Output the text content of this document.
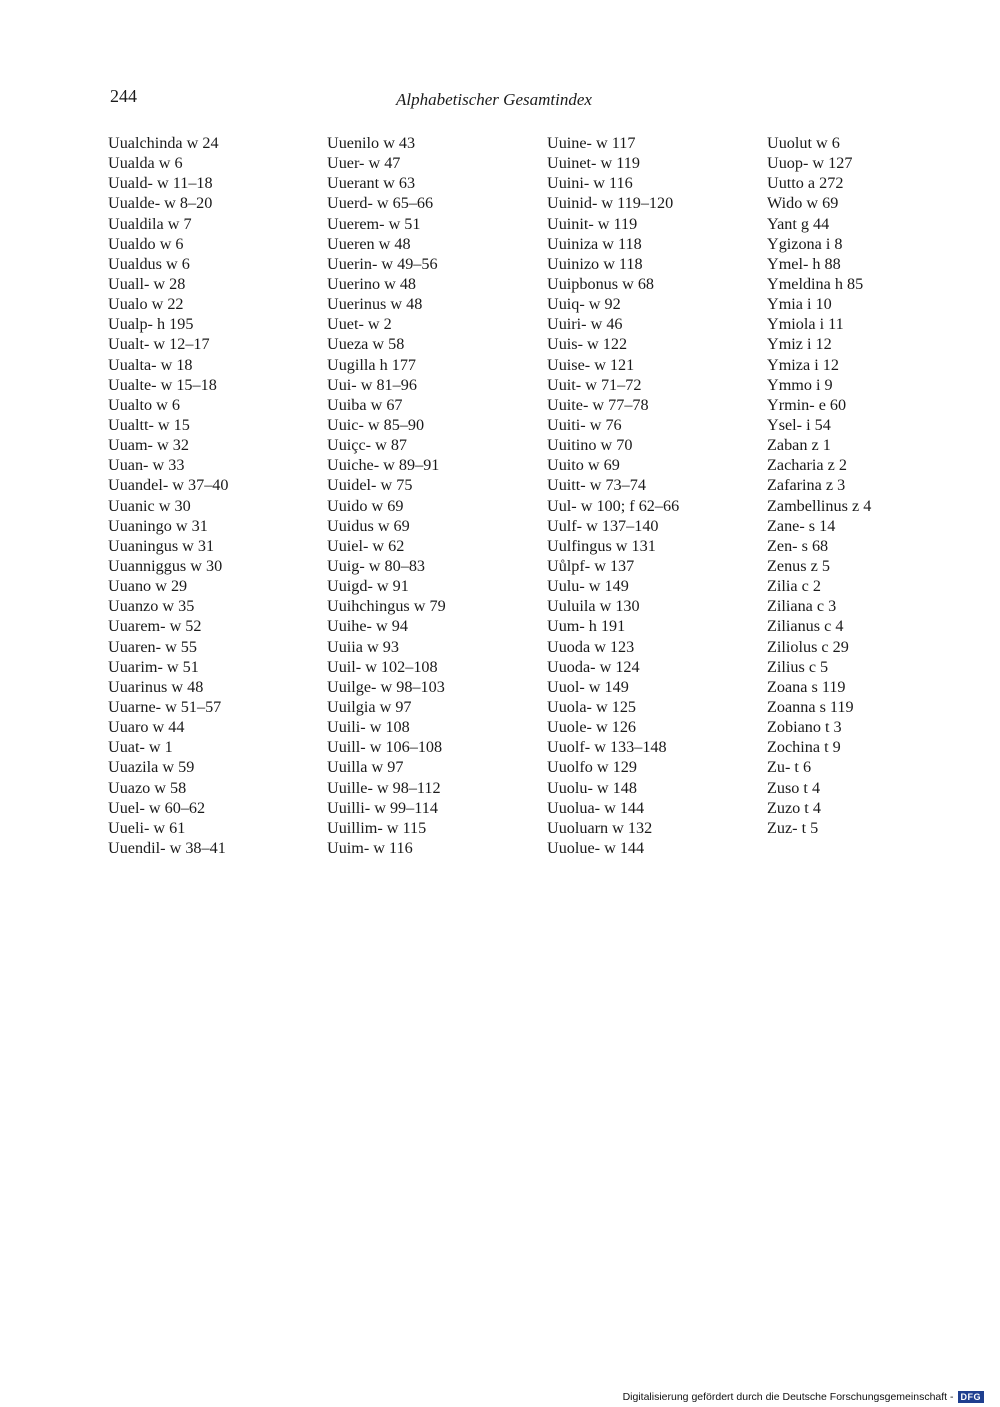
244	Alphabetischer Gesamtindex
Uualchinda w 24
Uualda w 6
Uuald- w 11–18
Uualde- w 8–20
Uualdila w 7
Uualdo w 6
Uualdus w 6
Uuall- w 28
Uualo w 22
Uualp- h 195
Uualt- w 12–17
Uualta- w 18
Uualte- w 15–18
Uualto w 6
Uualtt- w 15
Uuam- w 32
Uuan- w 33
Uuandel- w 37–40
Uuanic w 30
Uuaningo w 31
Uuaningus w 31
Uuanniggus w 30
Uuano w 29
Uuanzo w 35
Uuarem- w 52
Uuaren- w 55
Uuarim- w 51
Uuarinus w 48
Uuarne- w 51–57
Uuaro w 44
Uuat- w 1
Uuazila w 59
Uuazo w 58
Uuel- w 60–62
Uueli- w 61
Uuendil- w 38–41
Uuenilo w 43
Uuer- w 47
Uuerant w 63
Uuerd- w 65–66
Uuerem- w 51
Uueren w 48
Uuerin- w 49–56
Uuerino w 48
Uuerinus w 48
Uuet- w 2
Uueza w 58
Uugilla h 177
Uui- w 81–96
Uuiba w 67
Uuic- w 85–90
Uuiçc- w 87
Uuiche- w 89–91
Uuidel- w 75
Uuido w 69
Uuidus w 69
Uuiel- w 62
Uuig- w 80–83
Uuigd- w 91
Uuihchingus w 79
Uuihe- w 94
Uuiia w 93
Uuil- w 102–108
Uuilge- w 98–103
Uuilgia w 97
Uuili- w 108
Uuill- w 106–108
Uuilla w 97
Uuille- w 98–112
Uuilli- w 99–114
Uuillim- w 115
Uuim- w 116
Uuine- w 117
Uuinet- w 119
Uuini- w 116
Uuinid- w 119–120
Uuinit- w 119
Uuiniza w 118
Uuinizo w 118
Uuipbonus w 68
Uuiq- w 92
Uuiri- w 46
Uuis- w 122
Uuise- w 121
Uuit- w 71–72
Uuite- w 77–78
Uuiti- w 76
Uuitino w 70
Uuito w 69
Uuitt- w 73–74
Uul- w 100; f 62–66
Uulf- w 137–140
Uulfingus w 131
Uůlpf- w 137
Uulu- w 149
Uuluila w 130
Uum- h 191
Uuoda w 123
Uuoda- w 124
Uuol- w 149
Uuola- w 125
Uuole- w 126
Uuolf- w 133–148
Uuolfo w 129
Uuolu- w 148
Uuolua- w 144
Uuoluarn w 132
Uuolue- w 144
Uuolut w 6
Uuop- w 127
Uutto a 272
Wido w 69
Yant g 44
Ygizona i 8
Ymel- h 88
Ymeldina h 85
Ymia i 10
Ymiola i 11
Ymiz i 12
Ymiza i 12
Ymmo i 9
Yrmin- e 60
Ysel- i 54
Zaban z 1
Zacharia z 2
Zafarina z 3
Zambellinus z 4
Zane- s 14
Zen- s 68
Zenus z 5
Zilia c 2
Ziliana c 3
Zilianus c 4
Ziliolus c 29
Zilius c 5
Zoana s 119
Zoanna s 119
Zobiano t 3
Zochina t 9
Zu- t 6
Zuso t 4
Zuzo t 4
Zuz- t 5
Digitalisierung gefördert durch die Deutsche Forschungsgemeinschaft - DFG
